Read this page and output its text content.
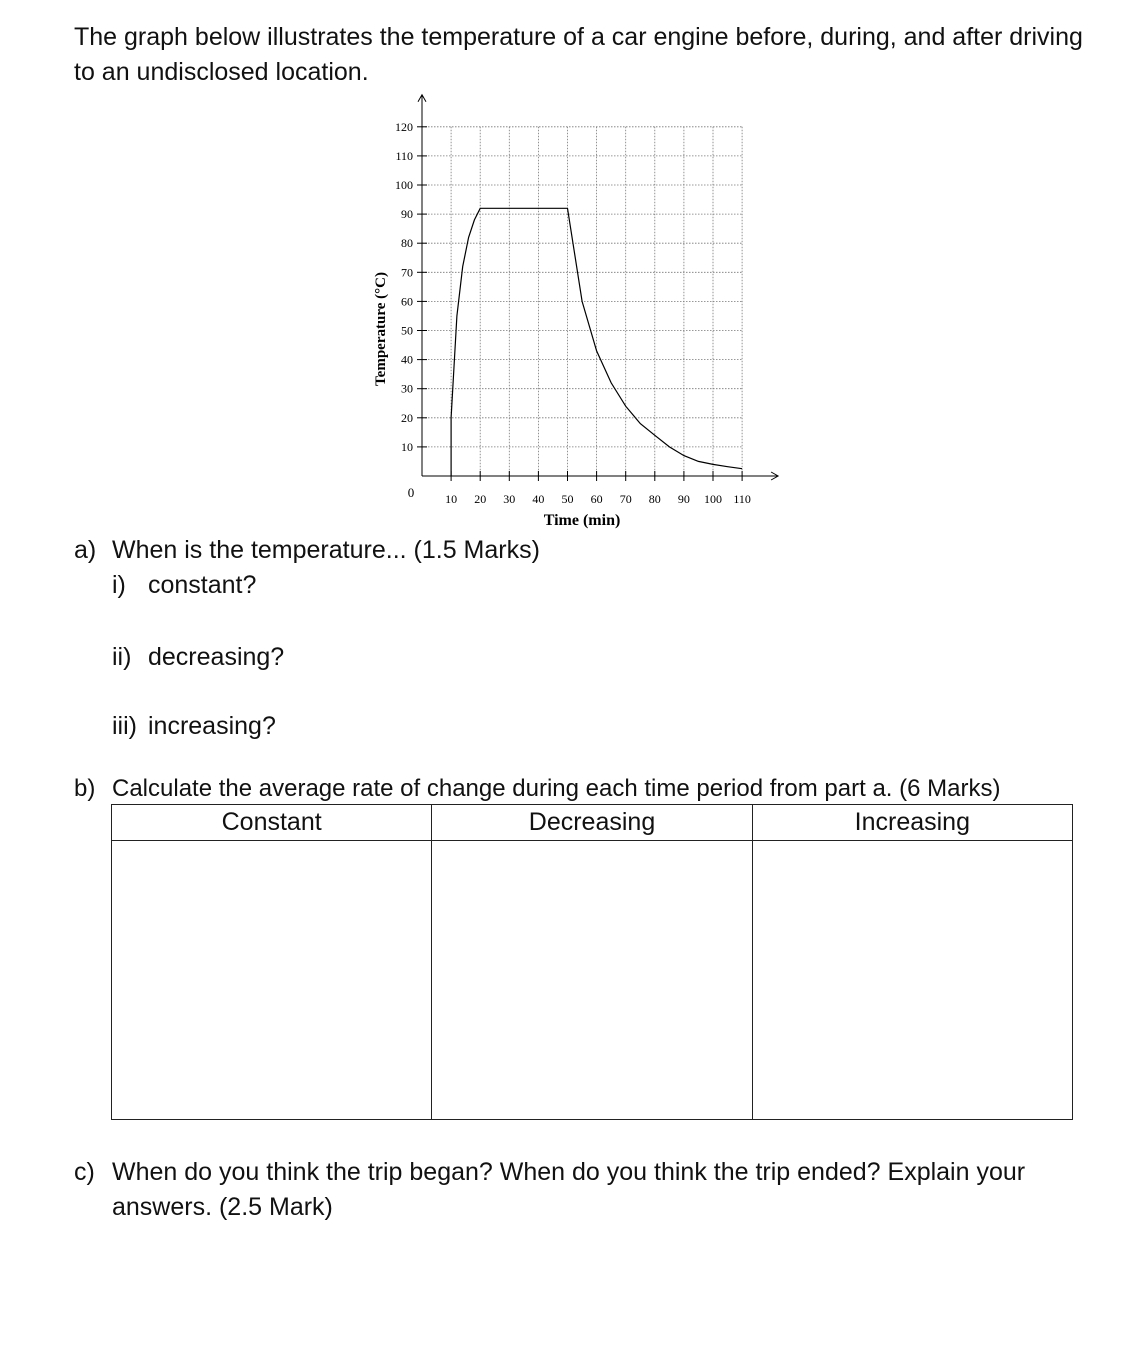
The graph below illustrates the temperature of a car engine before, during, and after driving to an undisclosed location.

10
20
30
40
50
60
70
80
90
100
110
120
10 20 30 40 50 60 70 80 90 100 110
Temperature (°C)
Time (min)
0

a) When is the temperature... (1.5 Marks)

i) constant?

ii) decreasing?

iii) increasing?

b) Calculate the average rate of change during each time period from part a. (6 Marks)

Constant	Decreasing	Increasing

c) When do you think the trip began? When do you think the trip ended? Explain your answers. (2.5 Mark)
